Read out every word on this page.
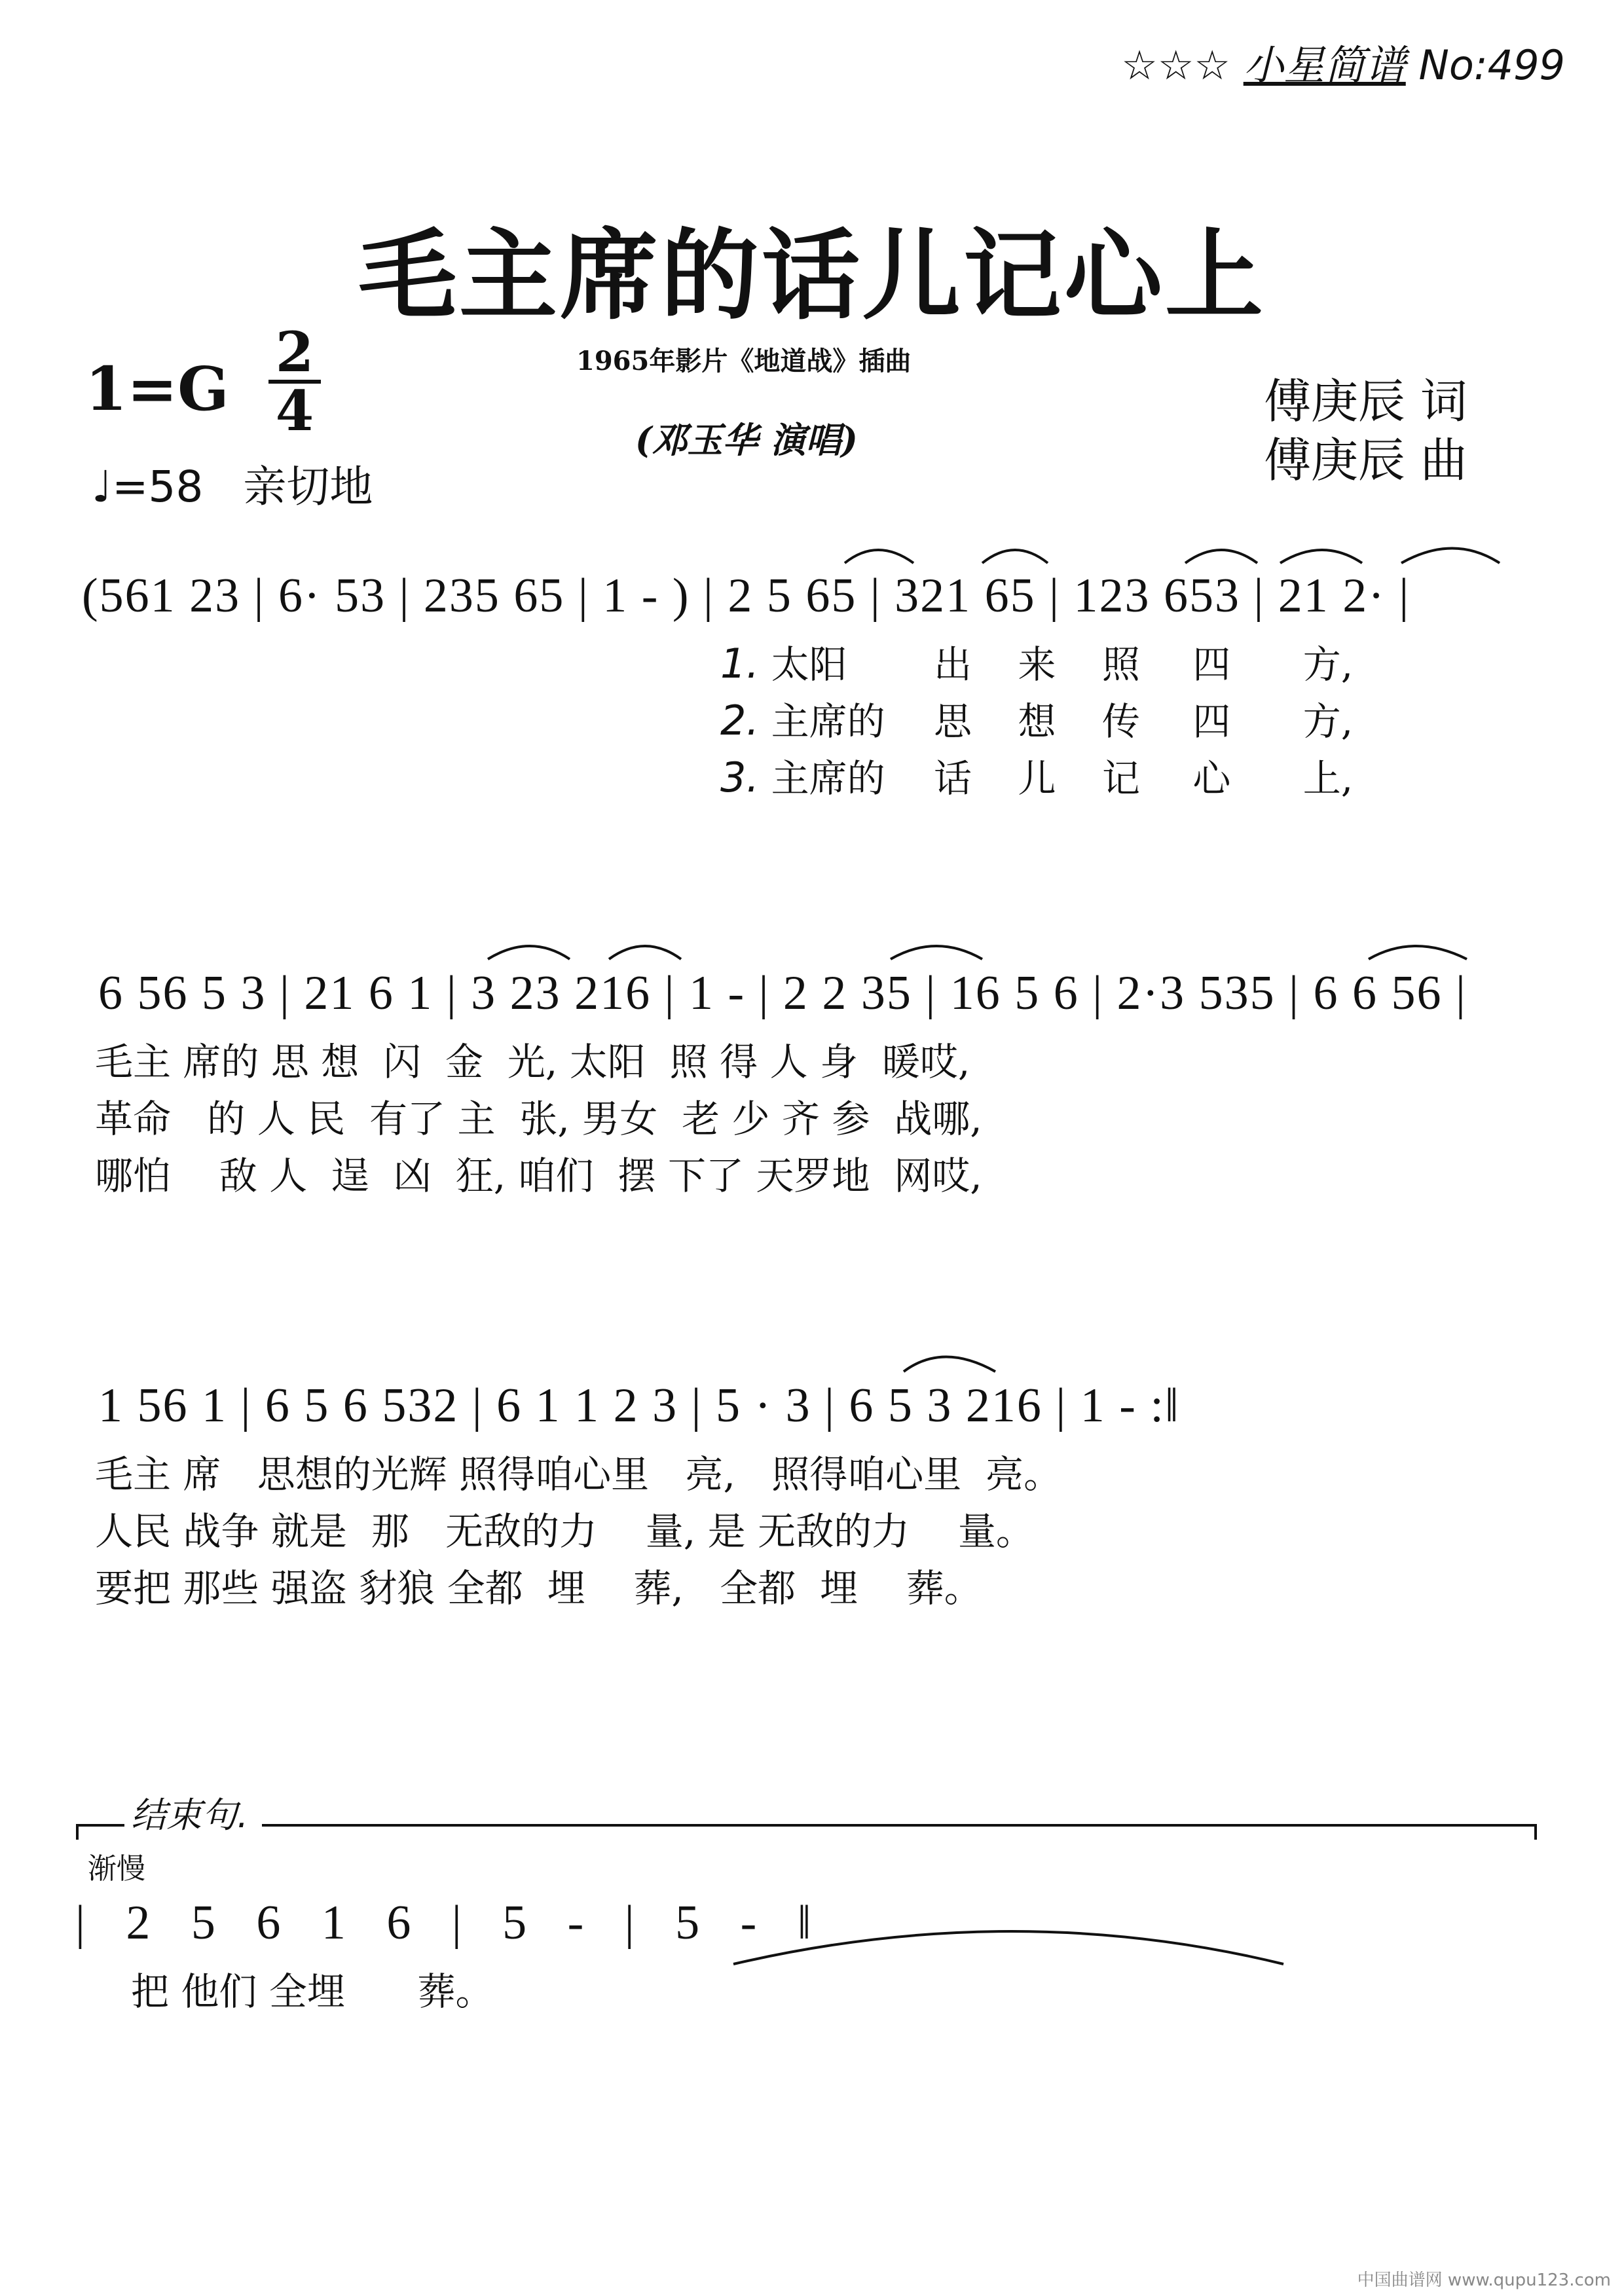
☆☆☆ 小星简谱 No:499
毛主席的话儿记心上
1=G
2
4
♩=58 亲切地
1965年影片《地道战》插曲
(邓玉华 演唱)
傅庚辰 词
傅庚辰 曲
(561 23 | 6· 53 | 235 65 | 1 - ) | 2 5 65 | 321 65 | 123 653 | 21 2· |
1. 太阳 出 来 照 四 方,
2. 主席的 思 想 传 四 方,
3. 主席的 话 儿 记 心 上,
6 56 5 3 | 21 6 1 | 3 23 216 | 1 - | 2 2 35 | 16 5 6 | 2·3 535 | 6 6 56 |
毛主 席的 思 想  闪  金  光, 太阳  照 得 人 身  暖哎,
革命   的 人 民  有了 主  张, 男女  老 少 齐 参  战哪,
哪怕    敌 人  逞  凶  狂, 咱们  摆 下了 天罗地  网哎,
1 56 1 | 6 5 6 532 | 6 1 1 2 3 | 5 · 3 | 6 5 3 216 | 1 - :‖
毛主 席   思想的光辉 照得咱心里   亮,   照得咱心里  亮。
人民 战争 就是  那   无敌的力    量, 是 无敌的力    量。
要把 那些 强盗 豺狼 全都  埋    葬,   全都  埋    葬。
结束句.
渐慢
| 2 5 6 1 6 | 5 - | 5 - ‖
把 他们 全埋      葬。
中国曲谱网 www.qupu123.com
